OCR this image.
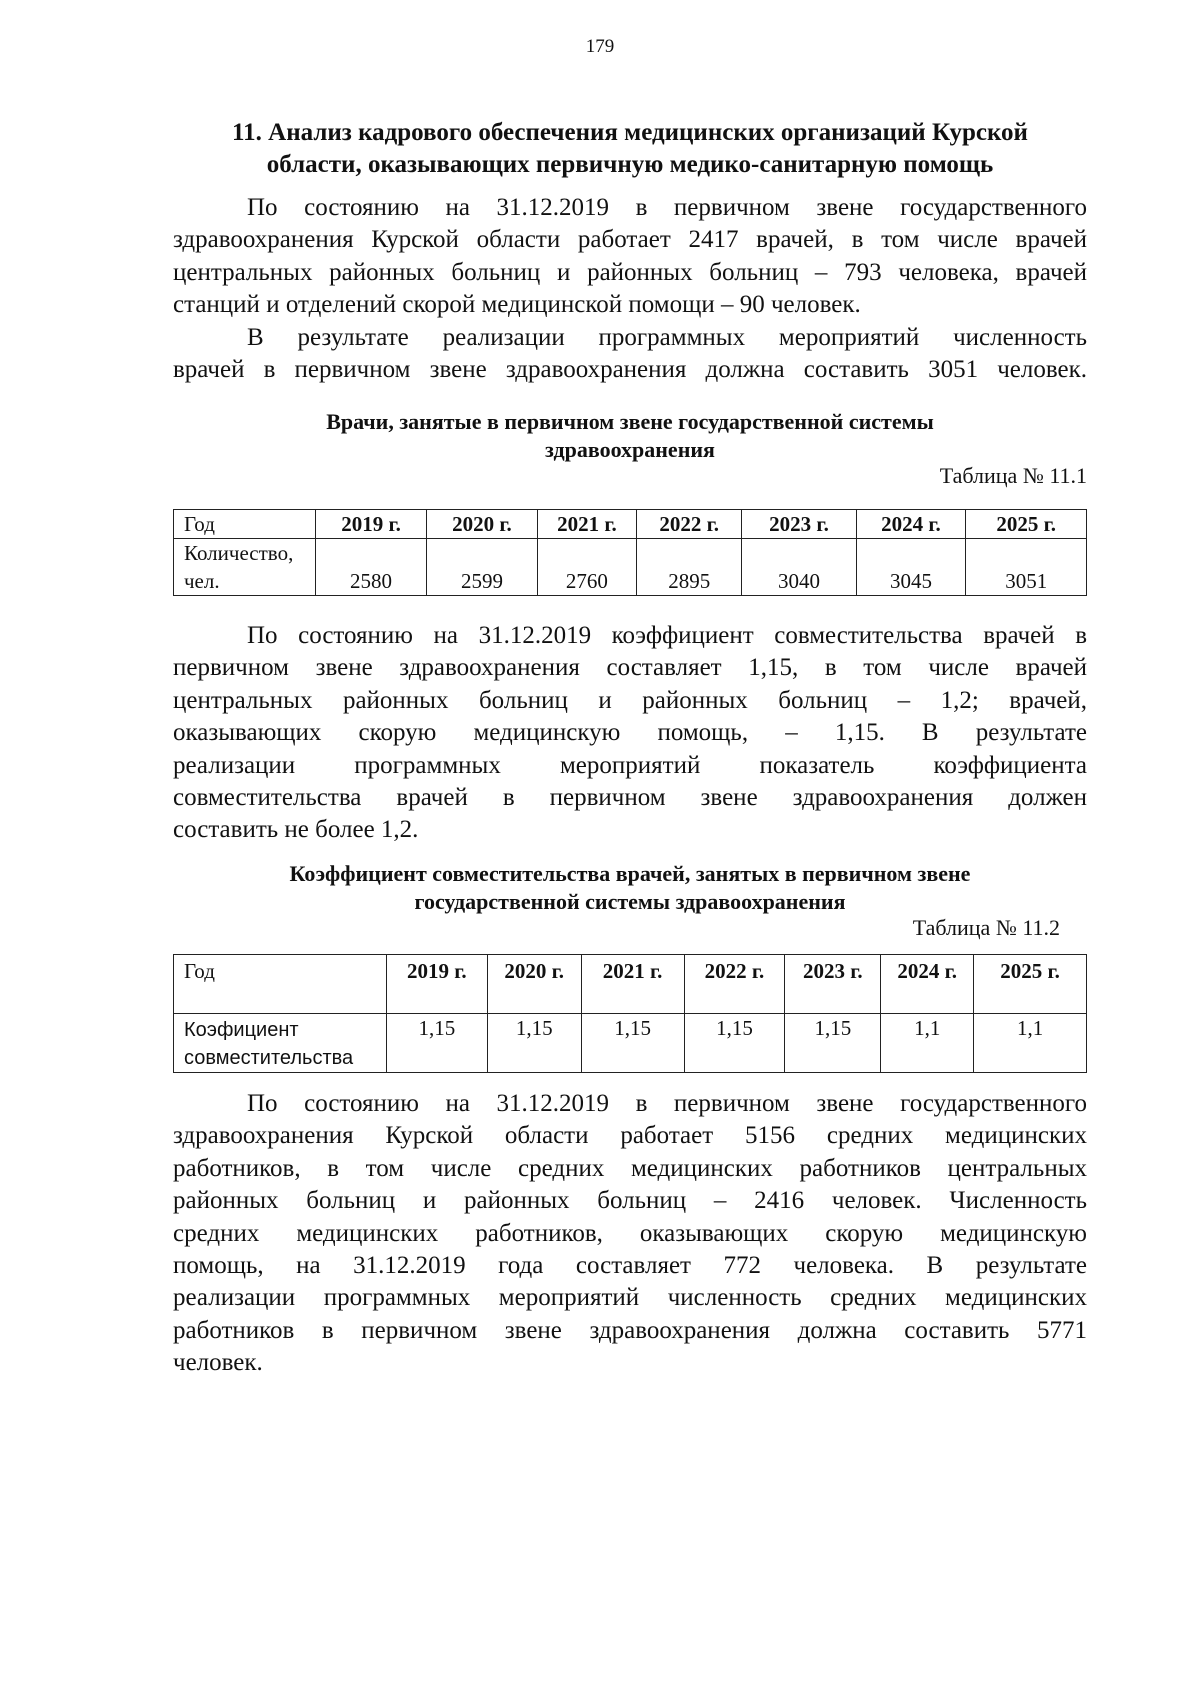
179
11. Анализ кадрового обеспечения медицинских организаций Курской
области, оказывающих первичную медико-санитарную помощь

По состоянию на 31.12.2019 в первичном звене государственного
здравоохранения Курской области работает 2417 врачей, в том числе врачей
центральных районных больниц и районных больниц – 793 человека, врачей
станций и отделений скорой медицинской помощи – 90 человек.

В результате реализации программных мероприятий численность
врачей в первичном звене здравоохранения должна составить 3051 человек.

Врачи, занятые в первичном звене государственной системы
здравоохранения
Таблица № 11.1
Год	2019 г.	2020 г.	2021 г.	2022 г.	2023 г.	2024 г.	2025 г.

Количество,
чел.	2580	2599	2760	2895	3040	3045	3051

По состоянию на 31.12.2019 коэффициент совместительства врачей в
первичном звене здравоохранения составляет 1,15, в том числе врачей
центральных районных больниц и районных больниц – 1,2; врачей,
оказывающих скорую медицинскую помощь, – 1,15. В результате
реализации программных мероприятий показатель коэффициента
совместительства врачей в первичном звене здравоохранения должен
составить не более 1,2.

Коэффициент совместительства врачей, занятых в первичном звене
государственной системы здравоохранения
Таблица № 11.2
Год	2019 г.	2020 г.	2021 г.	2022 г.	2023 г.	2024 г.	2025 г.

Коэфициент
совместительства	1,15	1,15	1,15	1,15	1,15	1,1	1,1

По состоянию на 31.12.2019 в первичном звене государственного
здравоохранения Курской области работает 5156 средних медицинских
работников, в том числе средних медицинских работников центральных
районных больниц и районных больниц – 2416 человек. Численность
средних медицинских работников, оказывающих скорую медицинскую
помощь, на 31.12.2019 года составляет 772 человека. В результате
реализации программных мероприятий численность средних медицинских
работников в первичном звене здравоохранения должна составить 5771
человек.
